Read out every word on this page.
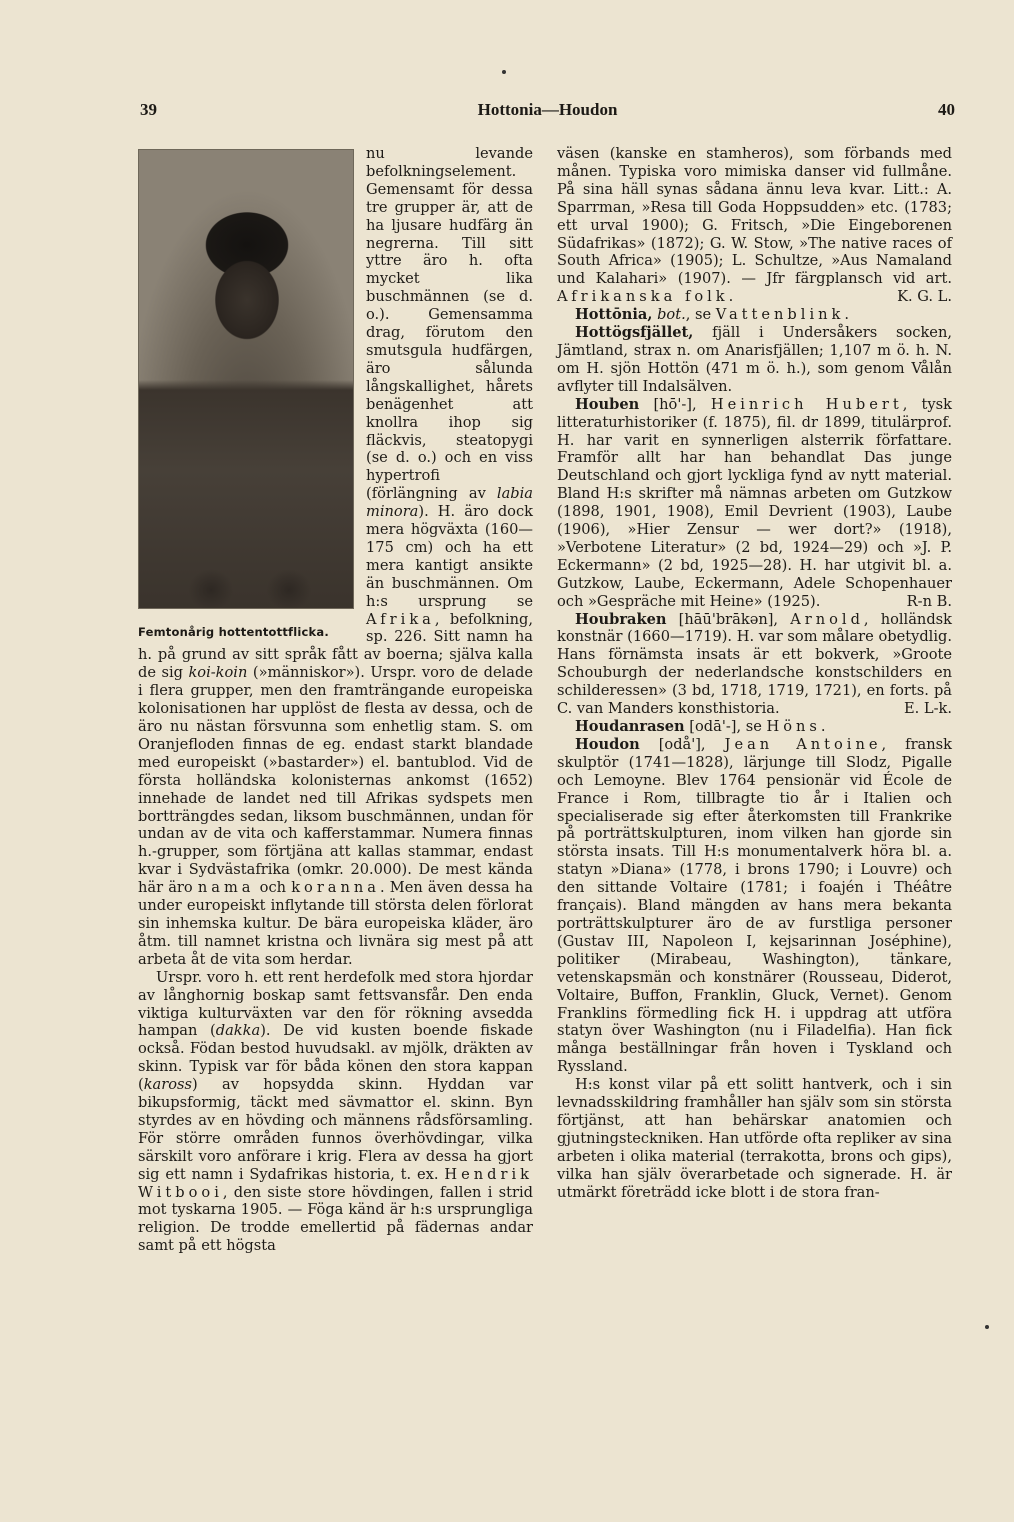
39	Hottonia—Houdon	40
Femtonårig hottentottflicka.

nu levande befolkningselement. Gemensamt för dessa tre grupper är, att de ha ljusare hudfärg än negrerna. Till sitt yttre äro h. ofta mycket lika buschmännen (se d. o.). Gemensamma drag, förutom den smutsgula hudfärgen, äro sålunda långskallighet, hårets benägenhet att knollra ihop sig fläckvis, steatopygi (se d. o.) och en viss hypertrofi (förlängning av labia minora). H. äro dock mera högväxta (160—175 cm) och ha ett mera kantigt ansikte än buschmännen. Om h:s ursprung se Afrika, befolkning, sp. 226. Sitt namn ha h. på grund av sitt språk fått av boerna; själva kalla de sig koi-koin (»människor»). Urspr. voro de delade i flera grupper, men den framträngande europeiska kolonisationen har upplöst de flesta av dessa, och de äro nu nästan försvunna som enhetlig stam. S. om Oranjefloden finnas de eg. endast starkt blandade med europeiskt (»bastarder») el. bantublod. Vid de första holländska kolonisternas ankomst (1652) innehade de landet ned till Afrikas sydspets men bortträngdes sedan, liksom buschmännen, undan för undan av de vita och kafferstammar. Numera finnas h.-grupper, som förtjäna att kallas stammar, endast kvar i Sydvästafrika (omkr. 20.000). De mest kända här äro nama och koranna. Men även dessa ha under europeiskt inflytande till största delen förlorat sin inhemska kultur. De bära europeiska kläder, äro åtm. till namnet kristna och livnära sig mest på att arbeta åt de vita som herdar.

Urspr. voro h. ett rent herdefolk med stora hjordar av långhornig boskap samt fettsvansfår. Den enda viktiga kulturväxten var den för rökning avsedda hampan (dakka). De vid kusten boende fiskade också. Födan bestod huvudsakl. av mjölk, dräkten av skinn. Typisk var för båda könen den stora kappan (kaross) av hopsydda skinn. Hyddan var bikupsformig, täckt med sävmattor el. skinn. Byn styrdes av en hövding och männens rådsförsamling. För större områden funnos överhövdingar, vilka särskilt voro anförare i krig. Flera av dessa ha gjort sig ett namn i Sydafrikas historia, t. ex. Hendrik Witbooi, den siste store hövdingen, fallen i strid mot tyskarna 1905. — Föga känd är h:s ursprungliga religion. De trodde emellertid på fädernas andar samt på ett högsta

väsen (kanske en stamheros), som förbands med månen. Typiska voro mimiska danser vid fullmåne. På sina häll synas sådana ännu leva kvar. Litt.: A. Sparrman, »Resa till Goda Hoppsudden» etc. (1783; ett urval 1900); G. Fritsch, »Die Eingeborenen Südafrikas» (1872); G. W. Stow, »The native races of South Africa» (1905); L. Schultze, »Aus Namaland und Kalahari» (1907). — Jfr färgplansch vid art. Afrikanska folk.	K. G. L.

Hottōnia, bot., se Vattenblink.

Hottögsfjället, fjäll i Undersåkers socken, Jämtland, strax n. om Anarisfjällen; 1,107 m ö. h. N. om H. sjön Hottön (471 m ö. h.), som genom Vålån avflyter till Indalsälven.

Houben [hō'-], Heinrich Hubert, tysk litteraturhistoriker (f. 1875), fil. dr 1899, titulärprof. H. har varit en synnerligen alsterrik författare. Framför allt har han behandlat Das junge Deutschland och gjort lyckliga fynd av nytt material. Bland H:s skrifter må nämnas arbeten om Gutzkow (1898, 1901, 1908), Emil Devrient (1903), Laube (1906), »Hier Zensur — wer dort?» (1918), »Verbotene Literatur» (2 bd, 1924—29) och »J. P. Eckermann» (2 bd, 1925—28). H. har utgivit bl. a. Gutzkow, Laube, Eckermann, Adele Schopenhauer och »Gespräche mit Heine» (1925).	R-n B.

Houbraken [hāū'brākən], Arnold, holländsk konstnär (1660—1719). H. var som målare obetydlig. Hans förnämsta insats är ett bokverk, »Groote Schouburgh der nederlandsche konstschilders en schilderessen» (3 bd, 1718, 1719, 1721), en forts. på C. van Manders konsthistoria.	E. L-k.

Houdanrasen [odā'-], se Höns.

Houdon [odå'], Jean Antoine, fransk skulptör (1741—1828), lärjunge till Slodz, Pigalle och Lemoyne. Blev 1764 pensionär vid École de France i Rom, tillbragte tio år i Italien och specialiserade sig efter återkomsten till Frankrike på porträttskulpturen, inom vilken han gjorde sin största insats. Till H:s monumentalverk höra bl. a. statyn »Diana» (1778, i brons 1790; i Louvre) och den sittande Voltaire (1781; i foajén i Théâtre français). Bland mängden av hans mera bekanta porträttskulpturer äro de av furstliga personer (Gustav III, Napoleon I, kejsarinnan Joséphine), politiker (Mirabeau, Washington), tänkare, vetenskapsmän och konstnärer (Rousseau, Diderot, Voltaire, Buffon, Franklin, Gluck, Vernet). Genom Franklins förmedling fick H. i uppdrag att utföra statyn över Washington (nu i Filadelfia). Han fick många beställningar från hoven i Tyskland och Ryssland.

H:s konst vilar på ett solitt hantverk, och i sin levnadsskildring framhåller han själv som sin största förtjänst, att han behärskar anatomien och gjutningsteckniken. Han utförde ofta repliker av sina arbeten i olika material (terrakotta, brons och gips), vilka han själv överarbetade och signerade. H. är utmärkt företrädd icke blott i de stora fran-
